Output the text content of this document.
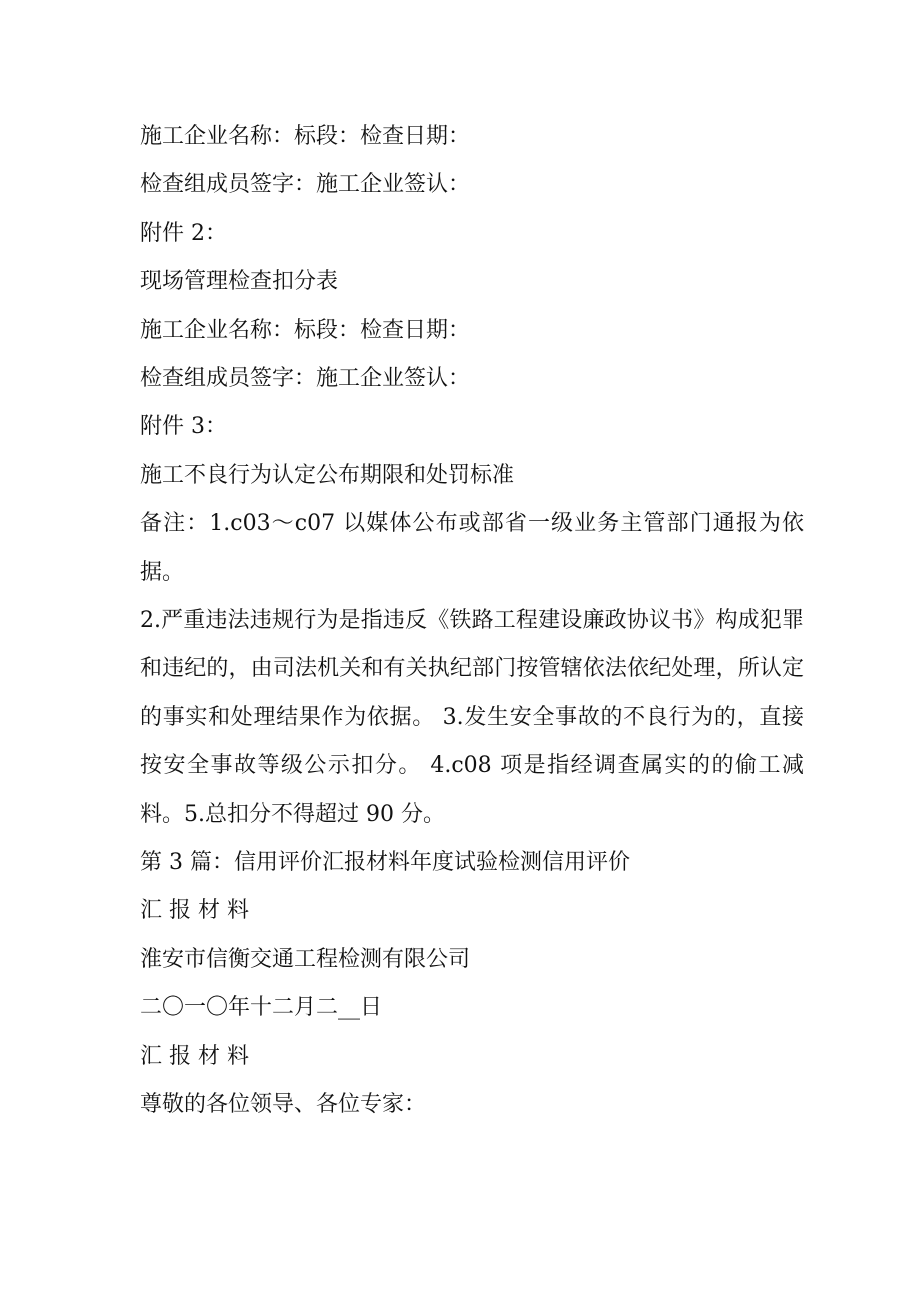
施工企业名称：标段：检查日期：

检查组成员签字：施工企业签认：

附件 2：

现场管理检查扣分表

施工企业名称：标段：检查日期：

检查组成员签字：施工企业签认：

附件 3：

施工不良行为认定公布期限和处罚标准

备注：1.c03～c07 以媒体公布或部省一级业务主管部门通报为依据。

2.严重违法违规行为是指违反《铁路工程建设廉政协议书》构成犯罪和违纪的，由司法机关和有关执纪部门按管辖依法依纪处理，所认定的事实和处理结果作为依据。 3.发生安全事故的不良行为的，直接按安全事故等级公示扣分。 4.c08 项是指经调查属实的的偷工减料。5.总扣分不得超过 90 分。

第 3 篇：信用评价汇报材料年度试验检测信用评价

汇 报 材 料

淮安市信衡交通工程检测有限公司

二〇一〇年十二月二__日

汇 报 材 料

尊敬的各位领导、各位专家：
